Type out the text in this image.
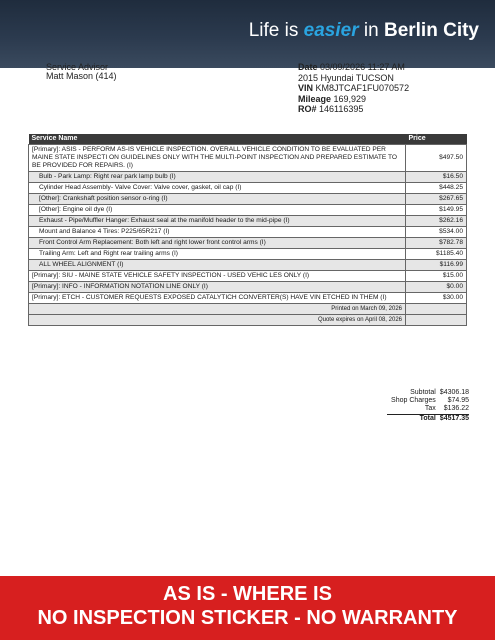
Life is easier in Berlin City
Service Advisor
Matt Mason (414)
Date 03/09/2026 11:27 AM
2015 Hyundai TUCSON
VIN KM8JTCAF1FU070572
Mileage 169,929
RO# 146116395
Service Name	Price
[Primary]: ASIS - PERFORM AS-IS VEHICLE INSPECTION. OVERALL VEHICLE CONDITION TO BE EVALUATED PER MAINE STATE INSPECTI ON GUIDELINES ONLY WITH THE MULTI-POINT INSPECTION AND PREPARED ESTIMATE TO BE PROVIDED FOR REPAIRS. (I)	$497.50
Bulb - Park Lamp: Right rear park lamp bulb (I)	$16.50
Cylinder Head Assembly- Valve Cover: Valve cover, gasket, oil cap (I)	$448.25
[Other]: Crankshaft position sensor o-ring (I)	$267.65
[Other]: Engine oil dye (I)	$149.95
Exhaust - Pipe/Muffler Hanger: Exhaust seal at the manifold header to the mid-pipe (I)	$262.16
Mount and Balance 4 Tires: P225/65R217 (I)	$534.00
Front Control Arm Replacement: Both left and right lower front control arms (I)	$782.78
Trailing Arm: Left and Right rear trailing arms (I)	$1185.40
ALL WHEEL ALIGNMENT (I)	$116.99
[Primary]: SIU - MAINE STATE VEHICLE SAFETY INSPECTION - USED VEHIC LES ONLY (I)	$15.00
[Primary]: INFO - INFORMATION NOTATION LINE ONLY (I)	$0.00
[Primary]: ETCH - CUSTOMER REQUESTS EXPOSED CATALYTICH CONVERTER(S) HAVE VIN ETCHED IN THEM (I)	$30.00
Printed on March 09, 2026	
Quote expires on April 08, 2026	
Subtotal	$4306.18
Shop Charges	$74.95
Tax	$136.22
Total	$4517.35
AS IS - WHERE IS
NO INSPECTION STICKER - NO WARRANTY
